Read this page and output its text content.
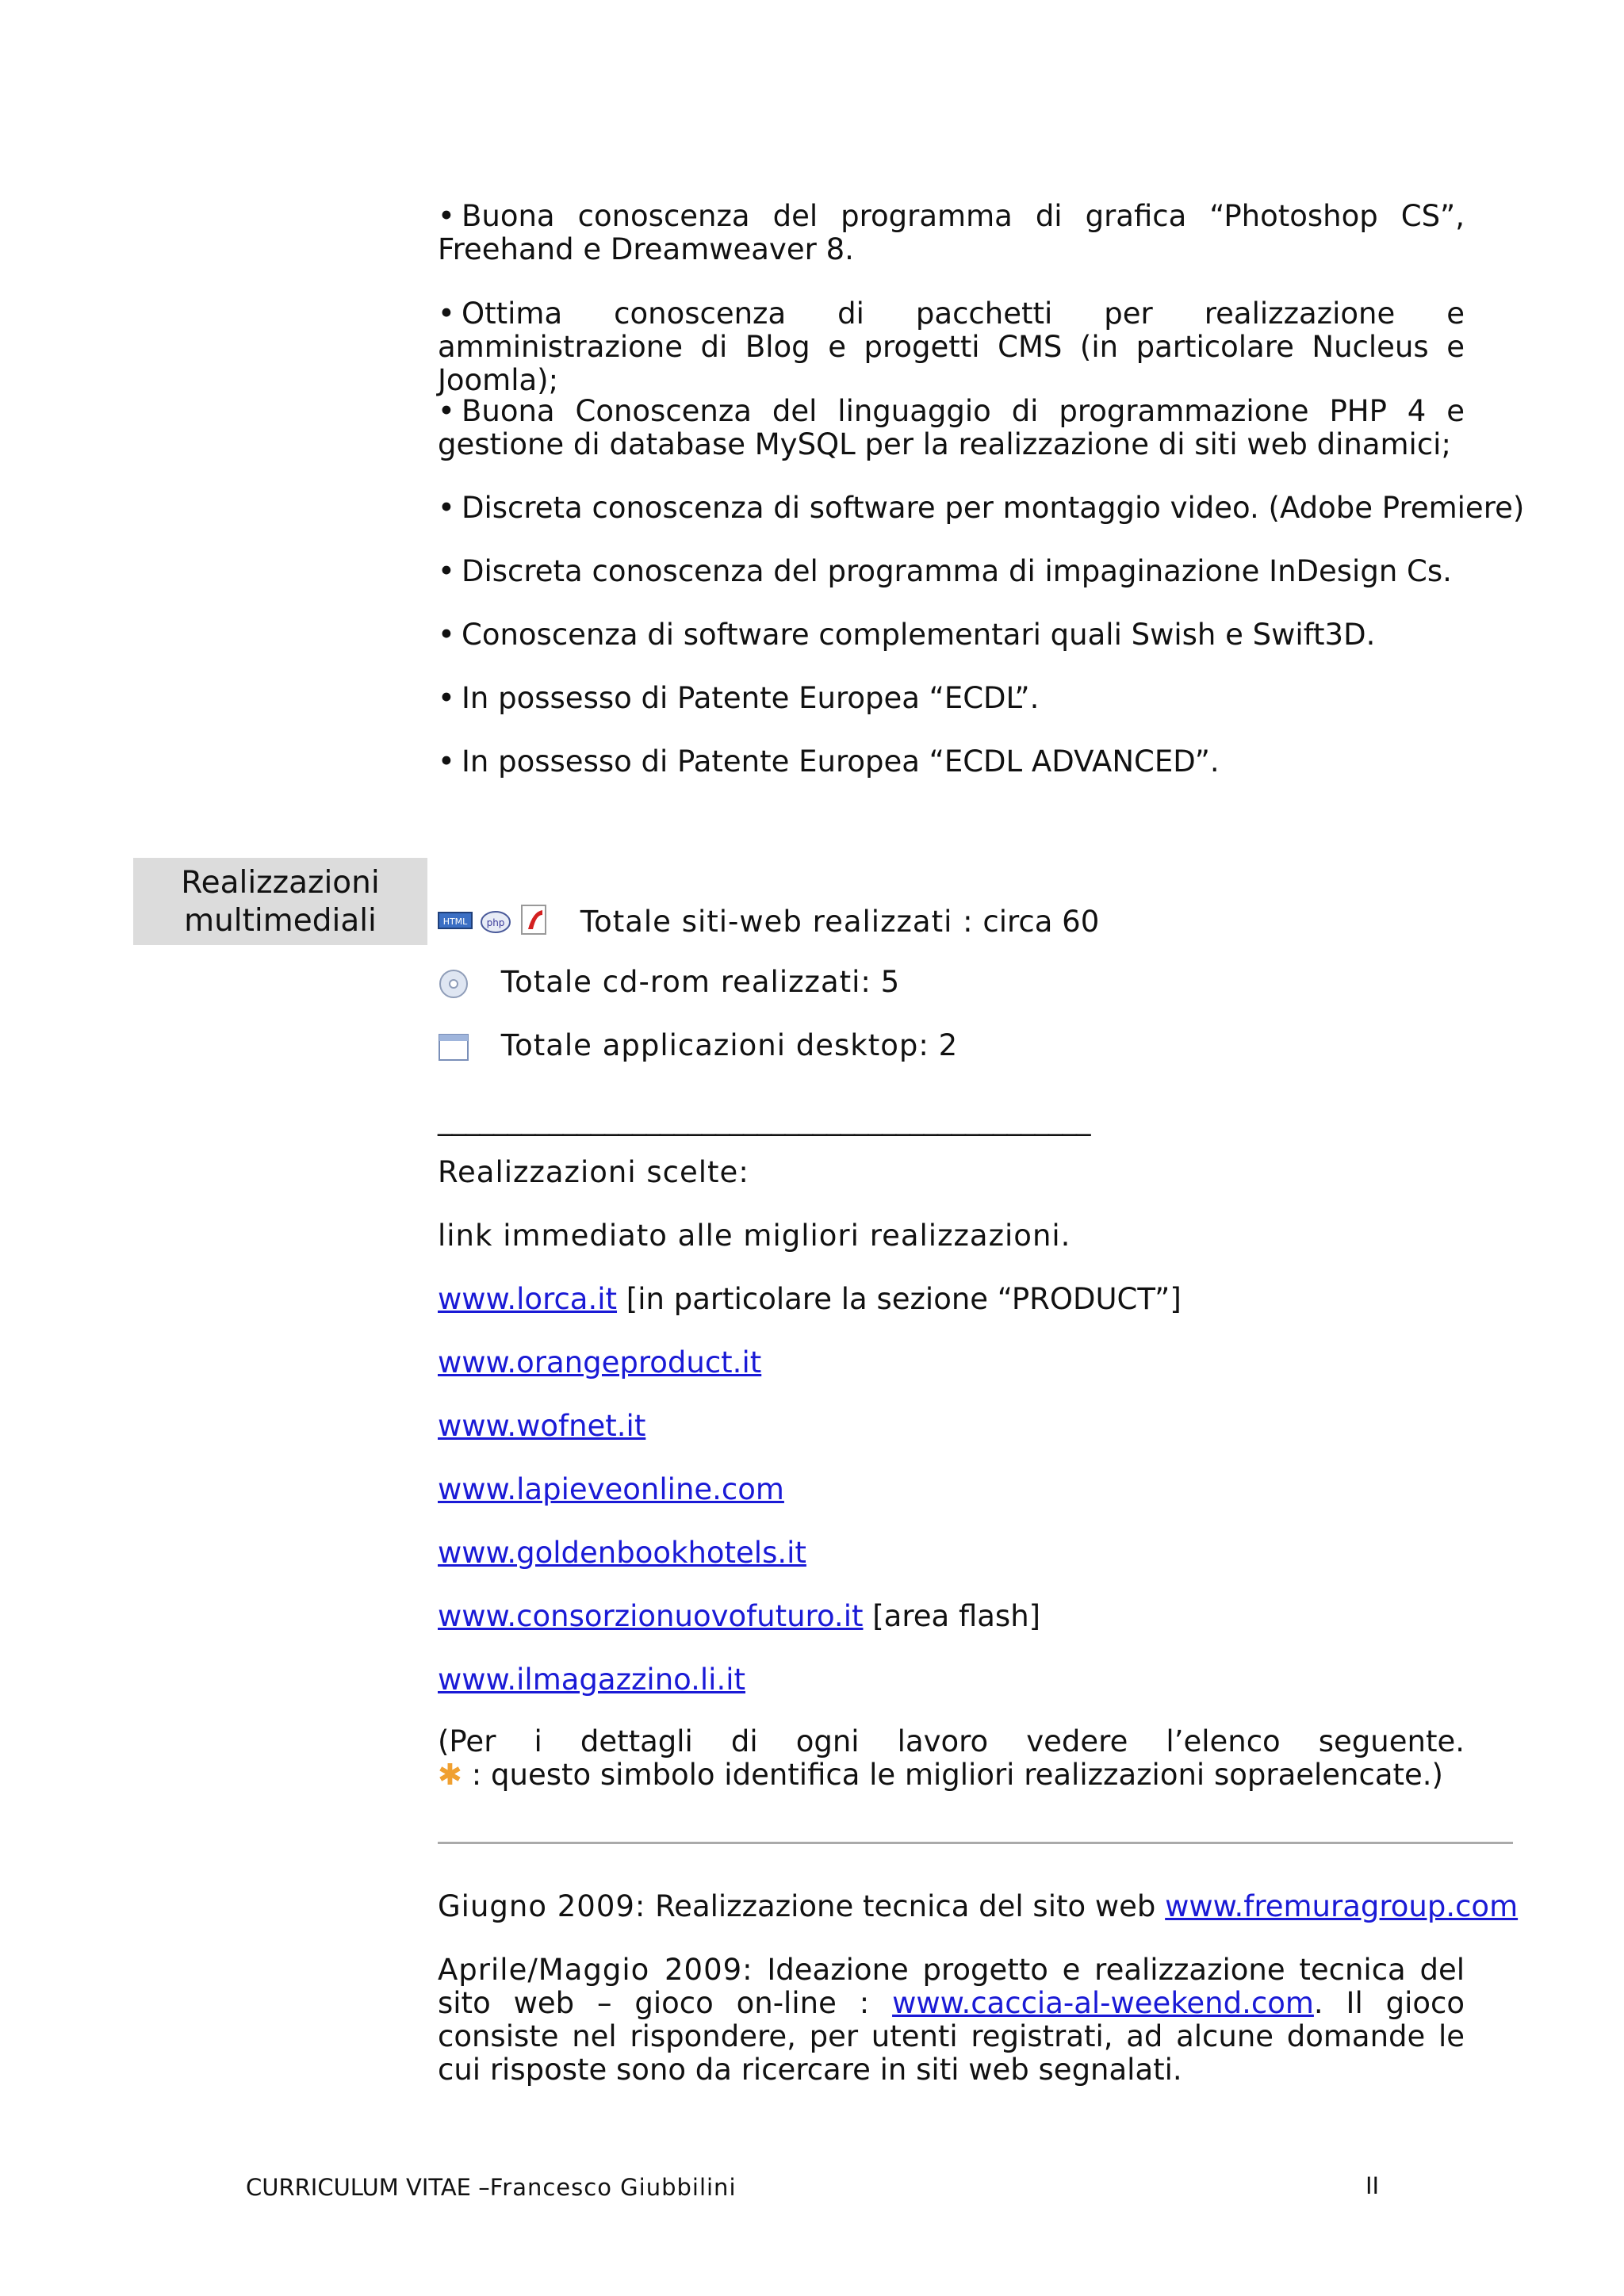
• Buona conoscenza del programma di grafica “Photoshop CS”, Freehand e Dreamweaver 8.

• Ottima conoscenza di pacchetti per realizzazione e amministrazione di Blog e progetti CMS (in particolare Nucleus e Joomla);

• Buona Conoscenza del linguaggio di programmazione PHP 4 e gestione di database MySQL per la realizzazione di siti web dinamici;

• Discreta conoscenza di software per montaggio video. (Adobe Premiere)
• Discreta conoscenza del programma di impaginazione InDesign Cs.
• Conoscenza di software complementari quali Swish e Swift3D.
• In possesso di Patente Europea “ECDL”.
• In possesso di Patente Europea “ECDL ADVANCED”.
Realizzazioni
multimediali	HTML php	Totale siti-web realizzati : circa 60
Totale cd-rom realizzati: 5
Totale applicazioni desktop: 2
_______________________________________________
Realizzazioni scelte:
link immediato alle migliori realizzazioni.
www.lorca.it [in particolare la sezione “PRODUCT”]
www.orangeproduct.it
www.wofnet.it
www.lapieveonline.com
www.goldenbookhotels.it
www.consorzionuovofuturo.it [area flash]
www.ilmagazzino.li.it
(Per i dettagli di ogni lavoro vedere l’elenco seguente.
✱ : questo simbolo identifica le migliori realizzazioni sopraelencate.)
Giugno 2009: Realizzazione tecnica del sito web www.fremuragroup.com
Aprile/Maggio 2009: Ideazione progetto e realizzazione tecnica del sito web – gioco on-line : www.caccia-al-weekend.com. Il gioco consiste nel rispondere, per utenti registrati, ad alcune domande le cui risposte sono da ricercare in siti web segnalati.
CURRICULUM VITAE –Francesco Giubbilini	II
